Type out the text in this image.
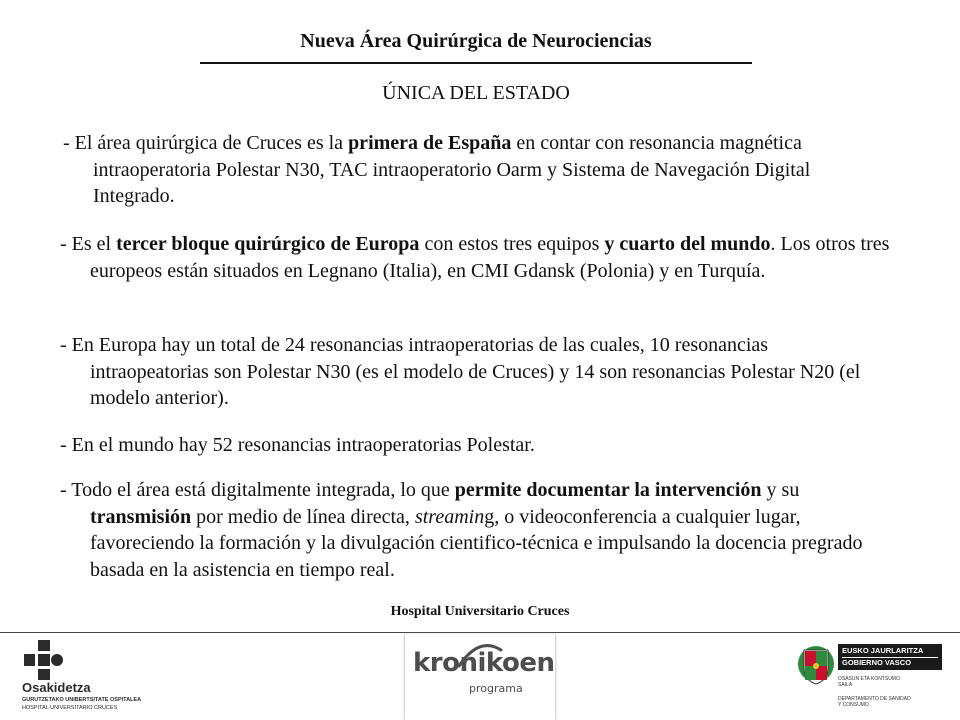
Nueva Área Quirúrgica de Neurociencias
ÚNICA DEL ESTADO

- El área quirúrgica de Cruces es la primera de España en contar con resonancia magnética intraoperatoria Polestar N30, TAC intraoperatorio Oarm y Sistema de Navegación Digital Integrado.

- Es el tercer bloque quirúrgico de Europa con estos tres equipos y cuarto del mundo. Los otros tres europeos están situados en Legnano (Italia), en CMI Gdansk (Polonia) y en Turquía.

- En Europa hay un total de 24 resonancias intraoperatorias de las cuales, 10 resonancias intraopeatorias son Polestar N30 (es el modelo de Cruces) y 14 son resonancias Polestar N20 (el modelo anterior).

- En el mundo hay 52 resonancias intraoperatorias Polestar.

- Todo el área está digitalmente integrada, lo que permite documentar la intervención y su transmisión por medio de línea directa, streaming, o videoconferencia a cualquier lugar, favoreciendo la formación y la divulgación cientifico-técnica e impulsando la docencia pregrado basada en la asistencia en tiempo real.

Hospital Universitario Cruces
Osakidetza
GURUTZETAKO UNIBERTSITATE OSPITALEA
HOSPITAL UNIVERSITARIO CRUCES
kronikoen
programa
EUSKO JAURLARITZA
GOBIERNO VASCO
OSASUN ETA KONTSUMO
SAILA
DEPARTAMENTO DE SANIDAD
Y CONSUMO
